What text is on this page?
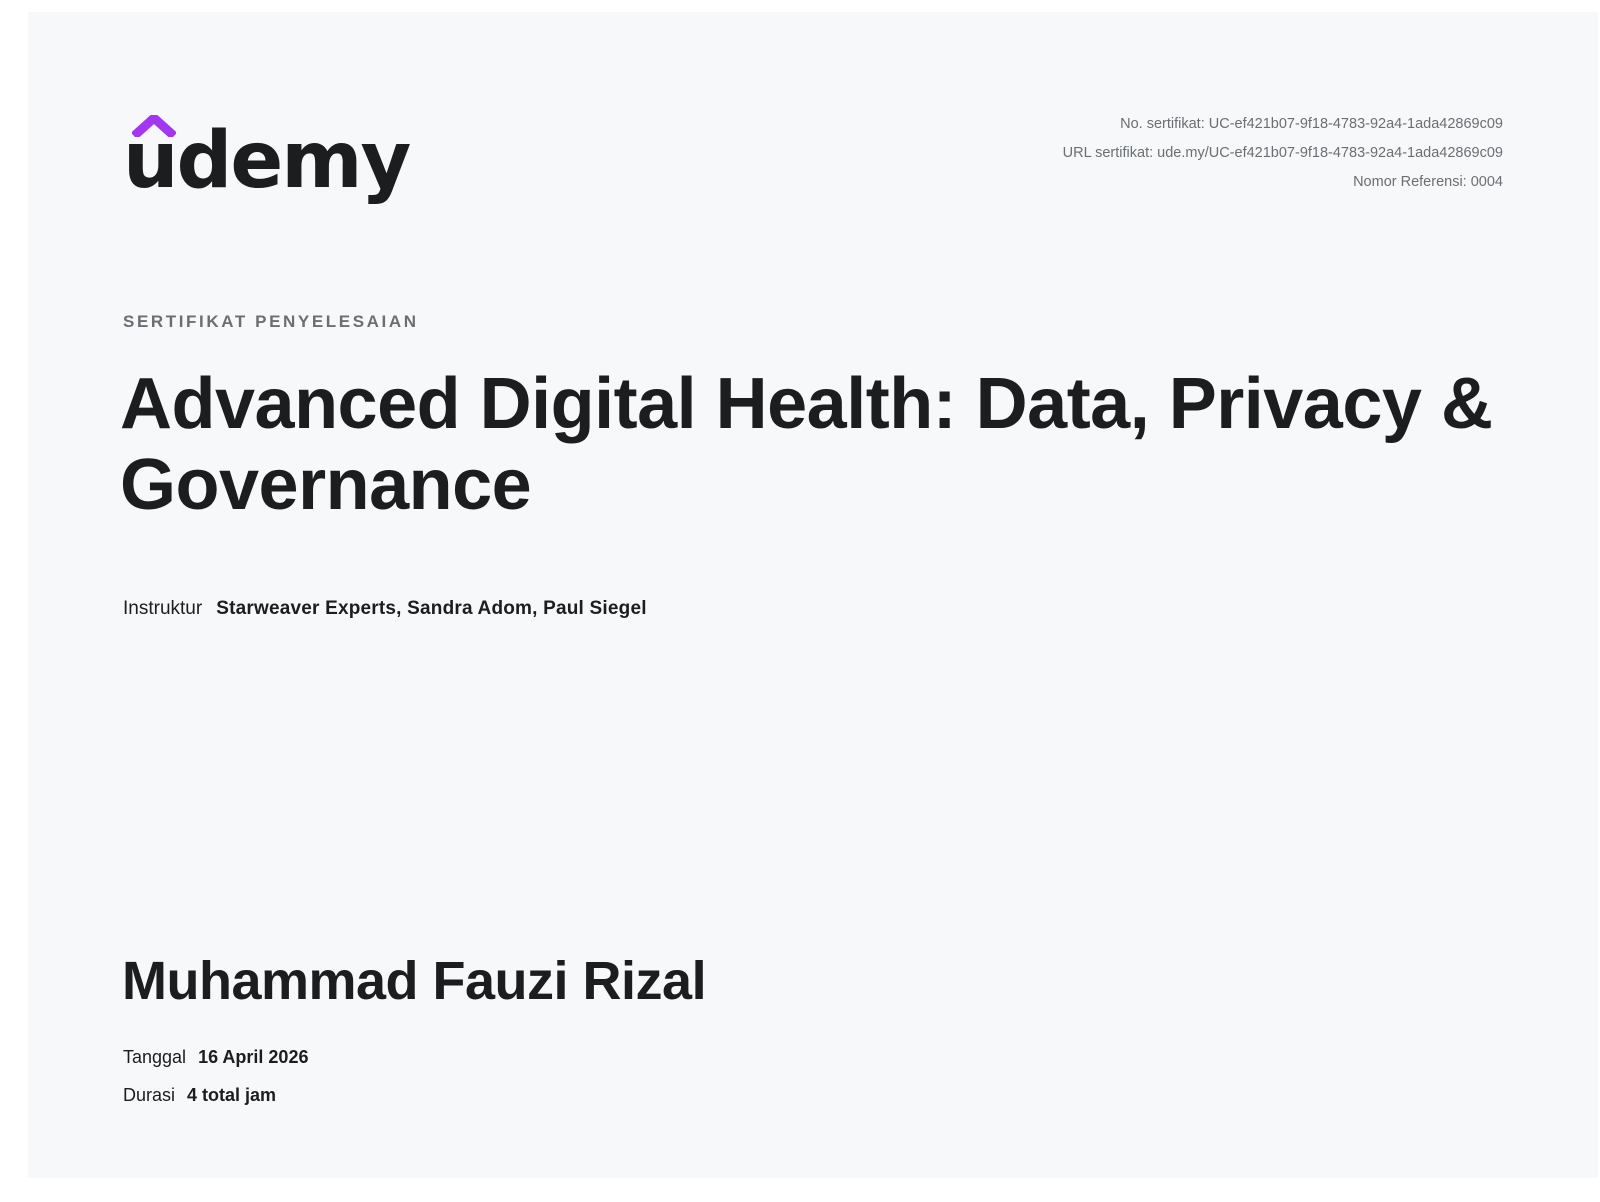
udemy	No. sertifikat: UC-ef421b07-9f18-4783-92a4-1ada42869c09
URL sertifikat: ude.my/UC-ef421b07-9f18-4783-92a4-1ada42869c09
Nomor Referensi: 0004
SERTIFIKAT PENYELESAIAN
Advanced Digital Health: Data, Privacy & Governance
Instruktur Starweaver Experts, Sandra Adom, Paul Siegel
Muhammad Fauzi Rizal
Tanggal 16 April 2026
Durasi 4 total jam
